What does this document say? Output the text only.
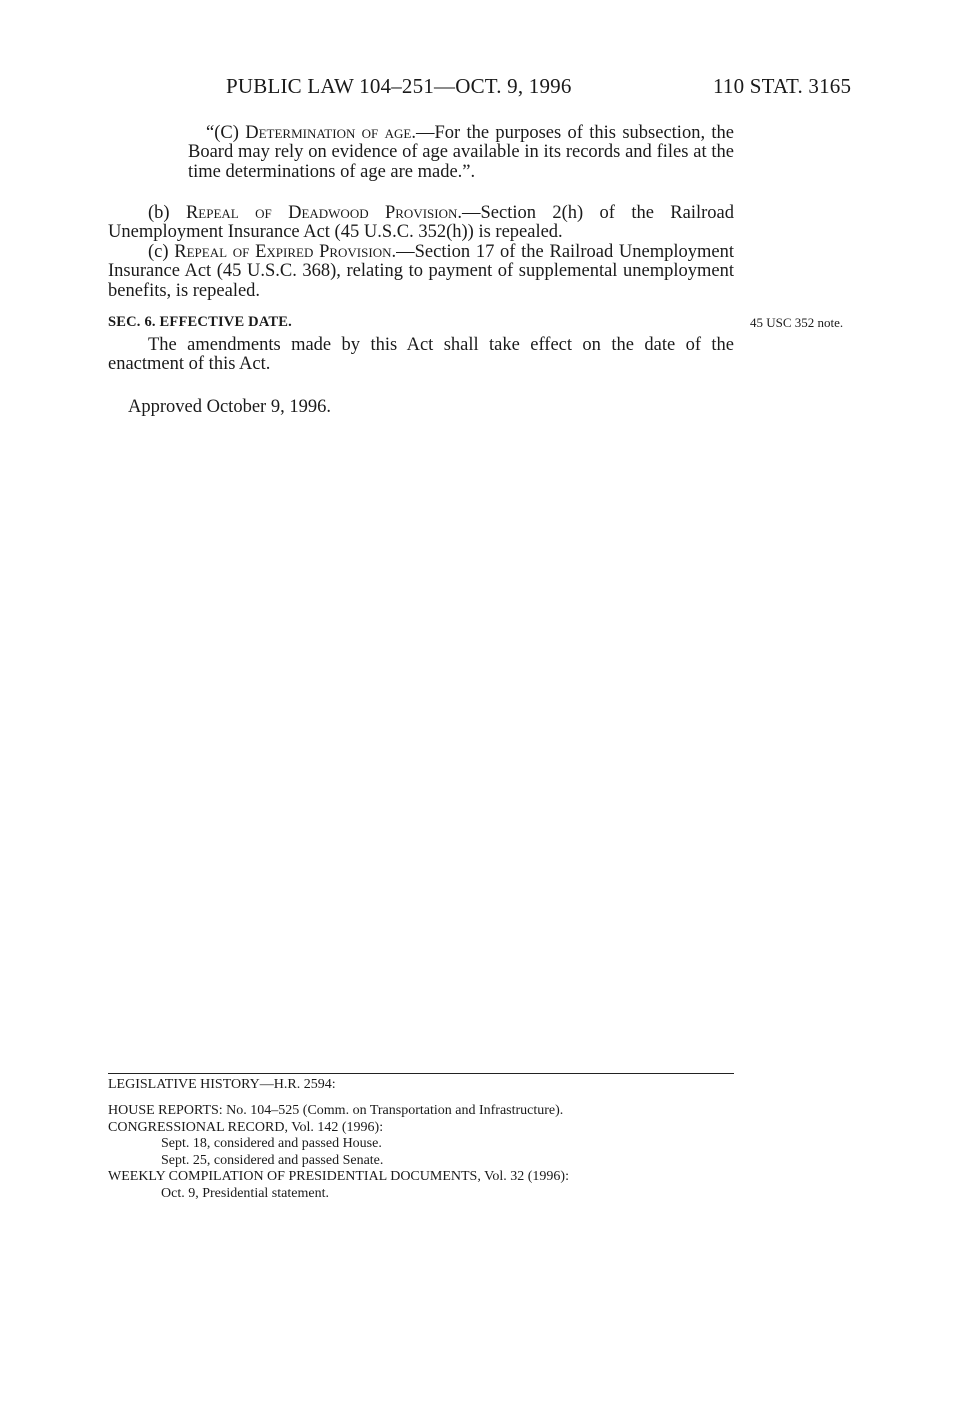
PUBLIC LAW 104–251—OCT. 9, 1996	110 STAT. 3165

“(C) Determination of age.—For the purposes of this subsection, the Board may rely on evidence of age available in its records and files at the time determinations of age are made.”.

(b) Repeal of Deadwood Provision.—Section 2(h) of the Railroad Unemployment Insurance Act (45 U.S.C. 352(h)) is repealed.

(c) Repeal of Expired Provision.—Section 17 of the Railroad Unemployment Insurance Act (45 U.S.C. 368), relating to payment of supplemental unemployment benefits, is repealed.

SEC. 6. EFFECTIVE DATE.	45 USC 352 note.

The amendments made by this Act shall take effect on the date of the enactment of this Act.

Approved October 9, 1996.
LEGISLATIVE HISTORY—H.R. 2594:

HOUSE REPORTS: No. 104–525 (Comm. on Transportation and Infrastructure).

CONGRESSIONAL RECORD, Vol. 142 (1996):

Sept. 18, considered and passed House.

Sept. 25, considered and passed Senate.

WEEKLY COMPILATION OF PRESIDENTIAL DOCUMENTS, Vol. 32 (1996):

Oct. 9, Presidential statement.
